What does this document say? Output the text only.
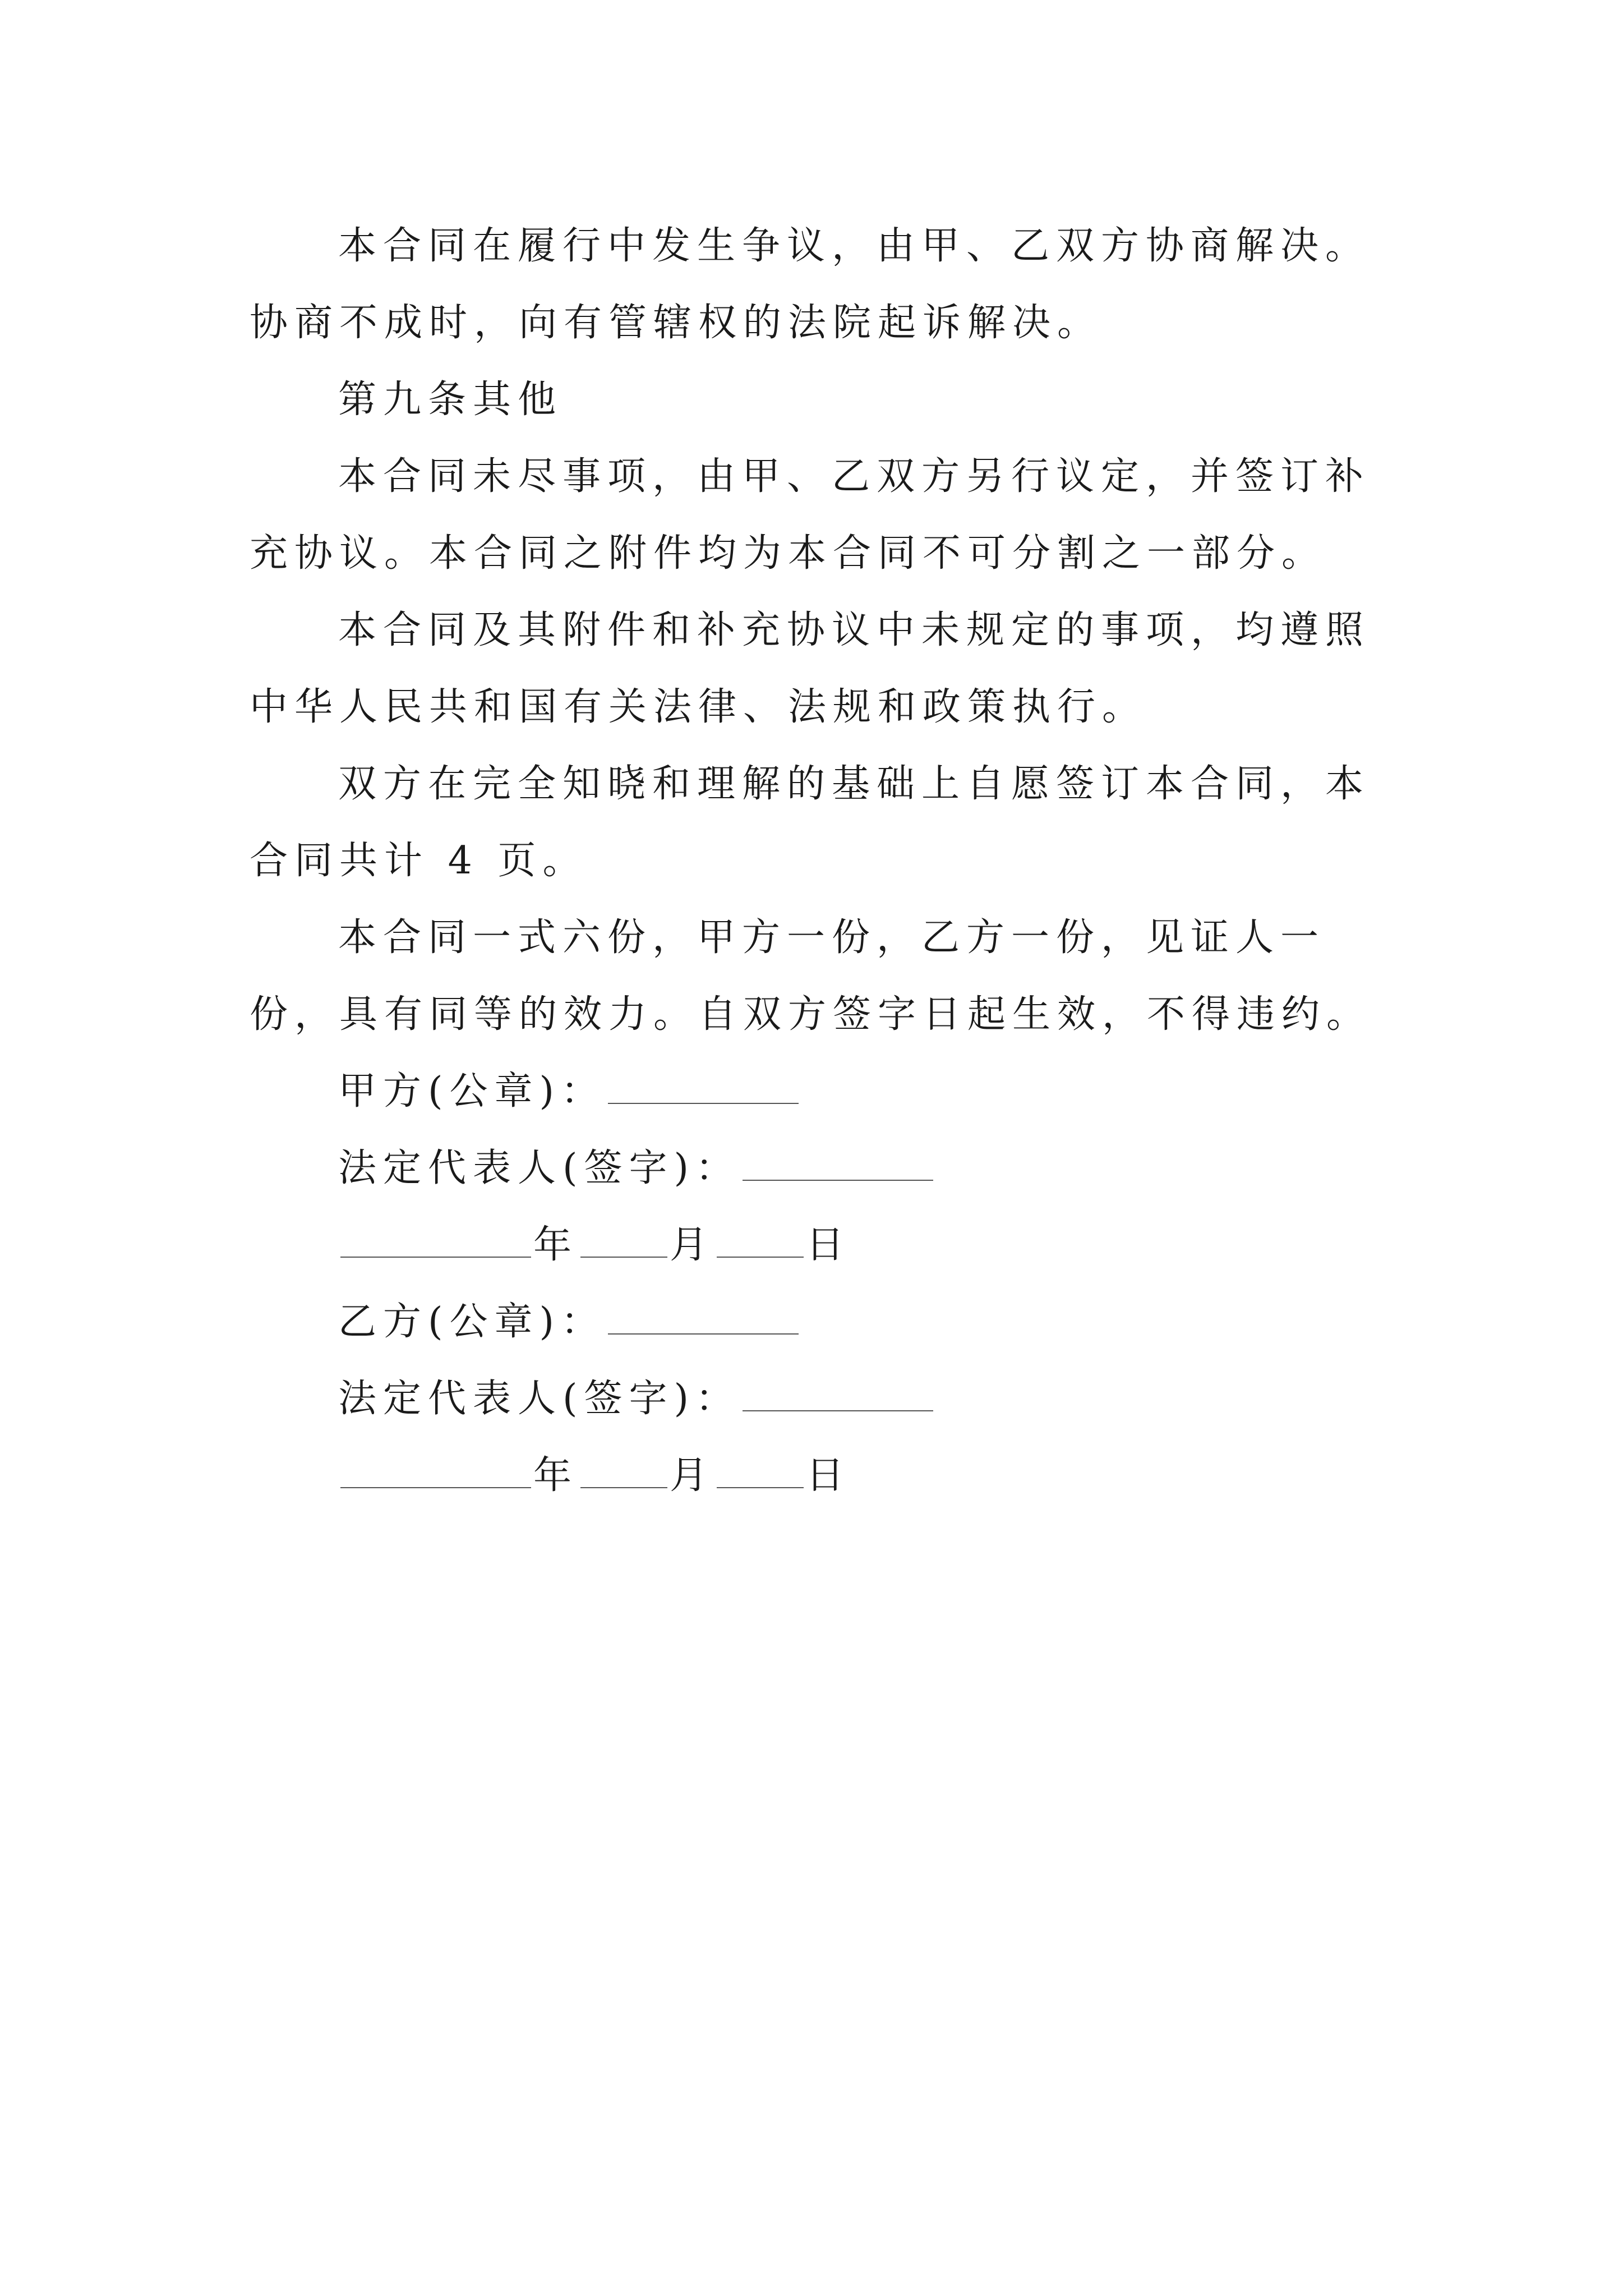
本合同在履行中发生争议，由甲、乙双方协商解决。协商不成时，向有管辖权的法院起诉解决。

第九条其他

本合同未尽事项，由甲、乙双方另行议定，并签订补充协议。本合同之附件均为本合同不可分割之一部分。

本合同及其附件和补充协议中未规定的事项，均遵照中华人民共和国有关法律、法规和政策执行。

双方在完全知晓和理解的基础上自愿签订本合同，本合同共计 4 页。

本合同一式六份，甲方一份，乙方一份，见证人一份，具有同等的效力。自双方签字日起生效，不得违约。

甲方(公章)：
法定代表人(签字)：
年 月 日
乙方(公章)：
法定代表人(签字)：
年 月 日
